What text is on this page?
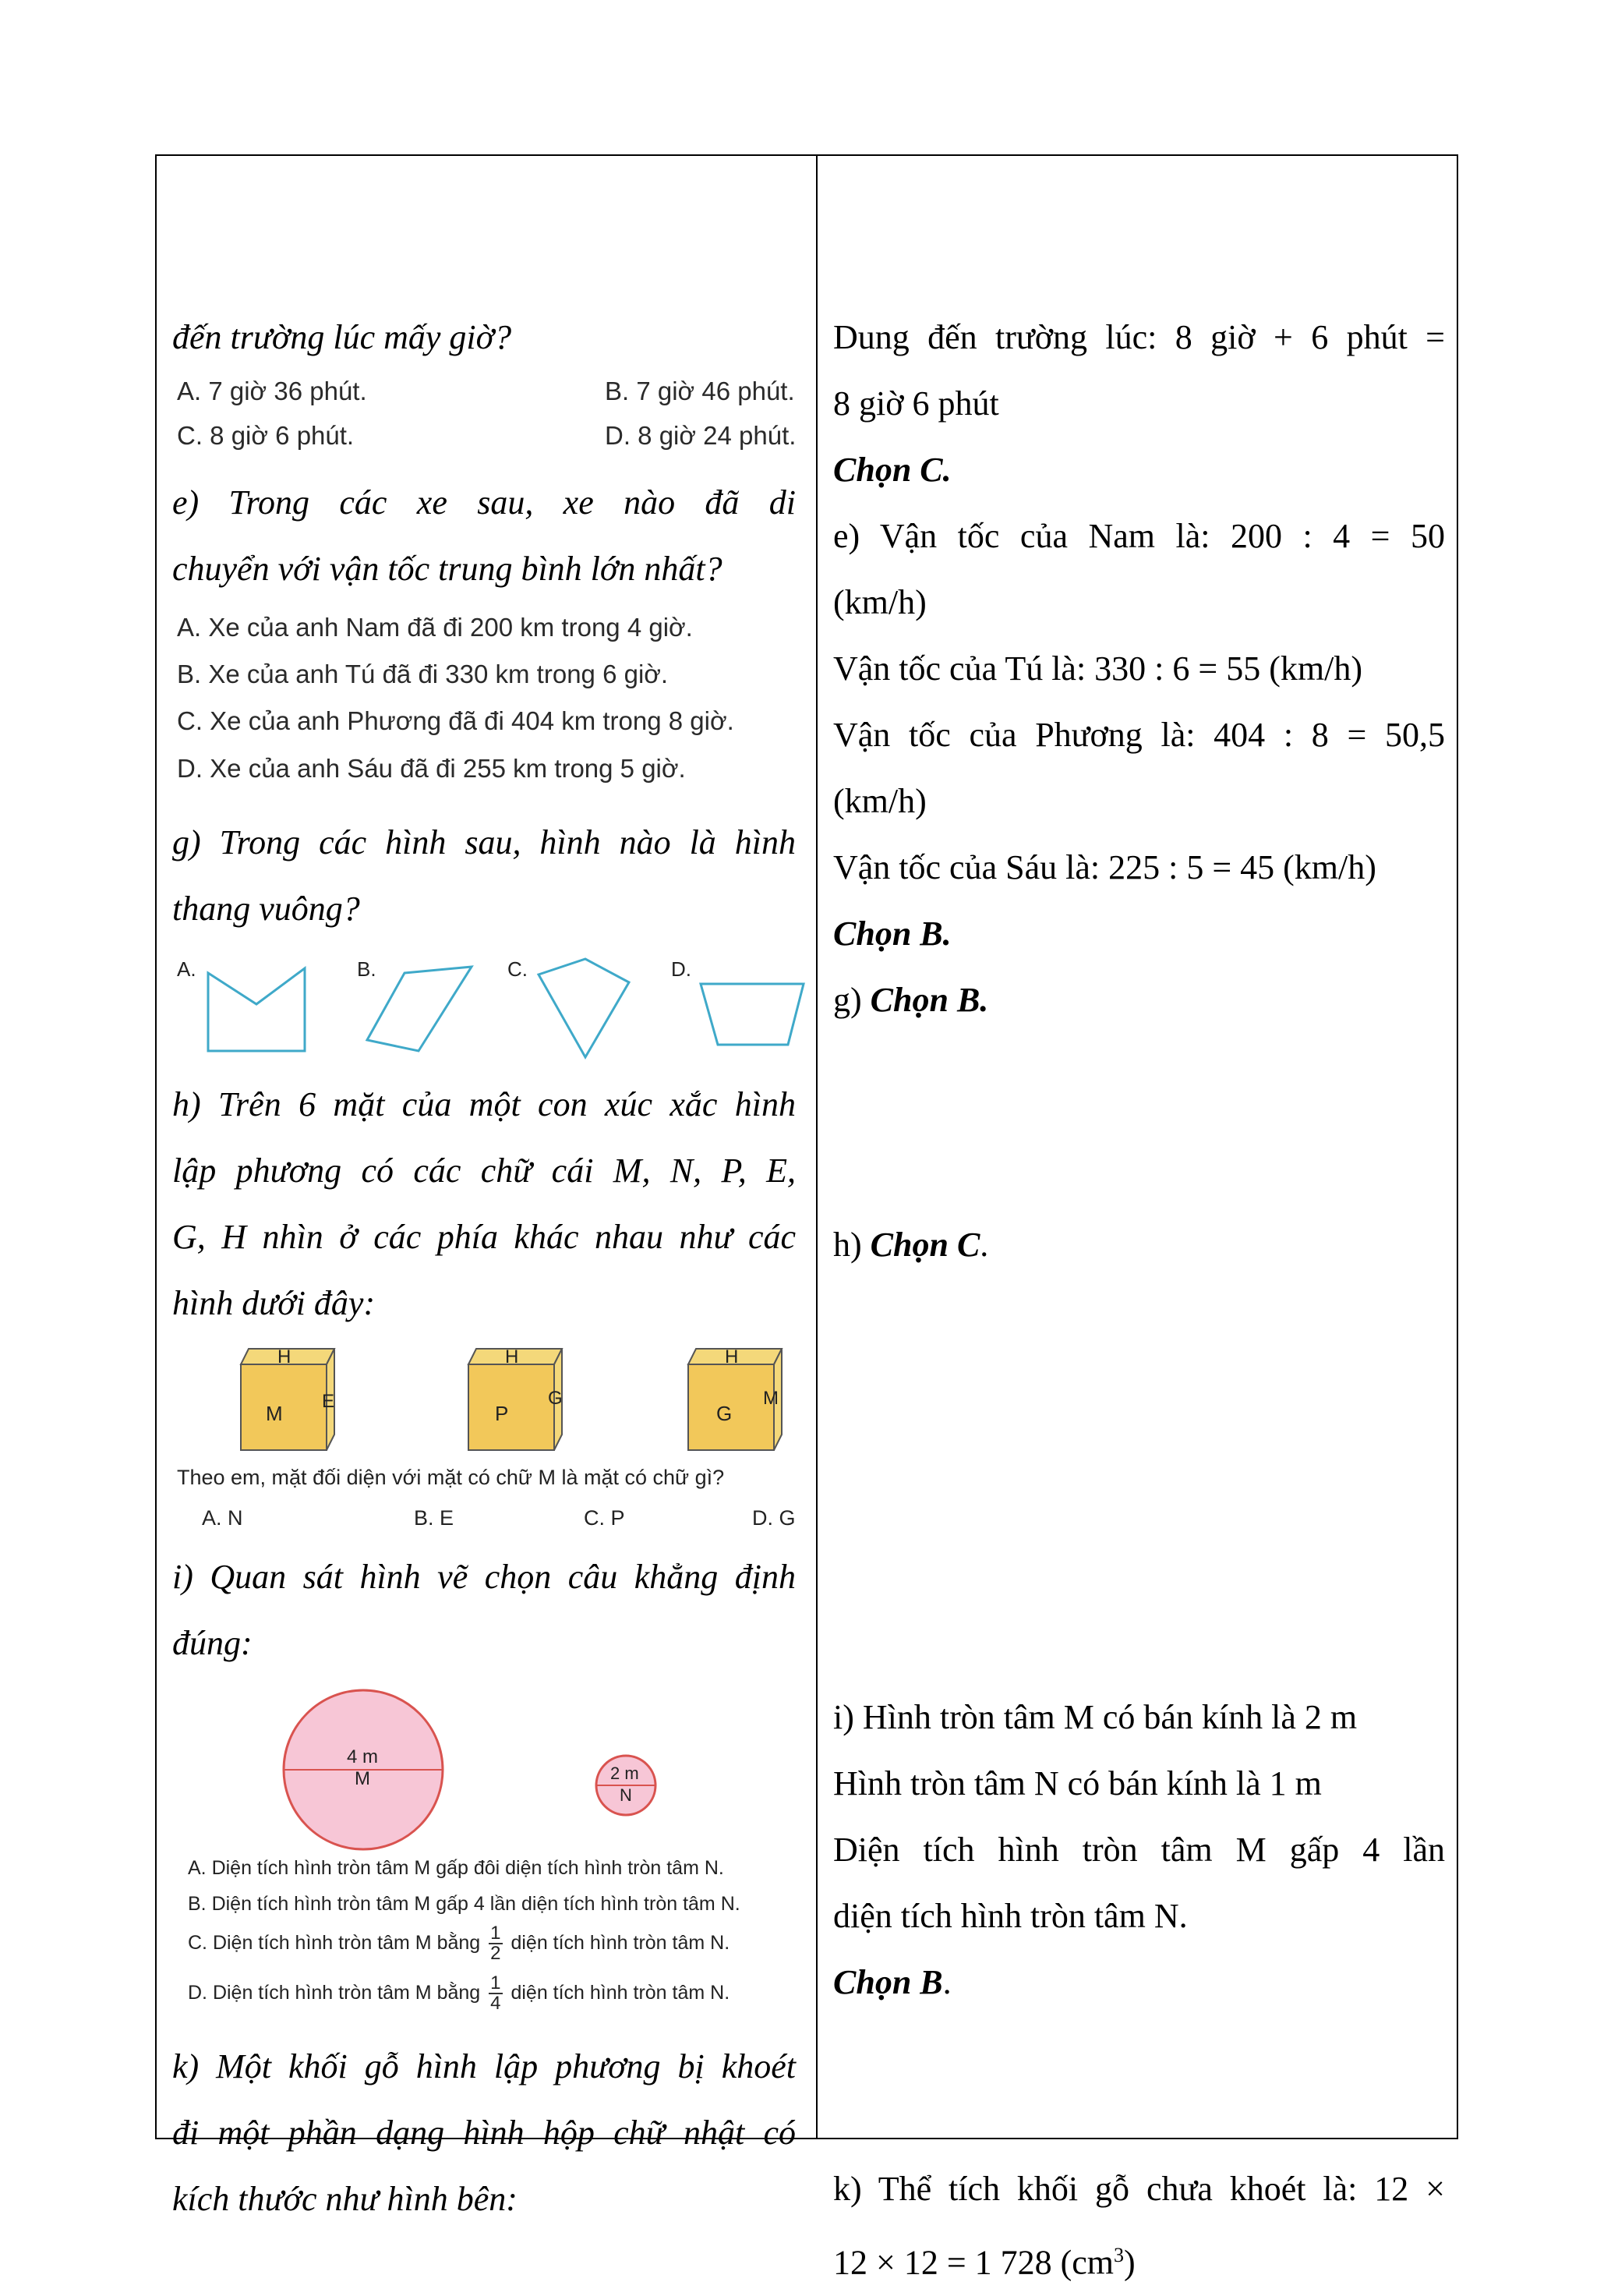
đến trường lúc mấy giờ?
A. 7 giờ 36 phút.	B. 7 giờ 46 phút.
C. 8 giờ 6 phút.	D. 8 giờ 24 phút.
e) Trong các xe sau, xe nào đã di
chuyển với vận tốc trung bình lớn nhất?
A. Xe của anh Nam đã đi 200 km trong 4 giờ.
B. Xe của anh Tú đã đi 330 km trong 6 giờ.
C. Xe của anh Phương đã đi 404 km trong 8 giờ.
D. Xe của anh Sáu đã đi 255 km trong 5 giờ.
g) Trong các hình sau, hình nào là hình
thang vuông?
A.	B.	C.	D.
h) Trên 6 mặt của một con xúc xắc hình
lập phương có các chữ cái M, N, P, E,
G, H nhìn ở các phía khác nhau như các
hình dưới đây:
H
M
E
H
P
G
H
G
M
Theo em, mặt đối diện với mặt có chữ M là mặt có chữ gì?
A. N	B. E	C. P	D. G
i) Quan sát hình vẽ chọn câu khẳng định
đúng:
4 m
M	2 m
N
A. Diện tích hình tròn tâm M gấp đôi diện tích hình tròn tâm N.
B. Diện tích hình tròn tâm M gấp 4 lần diện tích hình tròn tâm N.
C. Diện tích hình tròn tâm M bằng $\frac{1}{2}$ diện tích hình tròn tâm N.
D. Diện tích hình tròn tâm M bằng $\frac{1}{4}$ diện tích hình tròn tâm N.
k) Một khối gỗ hình lập phương bị khoét
đi một phần dạng hình hộp chữ nhật có
kích thước như hình bên:

Dung đến trường lúc: 8 giờ + 6 phút =
8 giờ 6 phút
Chọn C.
e) Vận tốc của Nam là: 200 : 4 = 50
(km/h)
Vận tốc của Tú là: 330 : 6 = 55 (km/h)
Vận tốc của Phương là: 404 : 8 = 50,5
(km/h)
Vận tốc của Sáu là: 225 : 5 = 45 (km/h)
Chọn B.
g) Chọn B.
h) Chọn C.
i) Hình tròn tâm M có bán kính là 2 m
Hình tròn tâm N có bán kính là 1 m
Diện tích hình tròn tâm M gấp 4 lần
diện tích hình tròn tâm N.
Chọn B.
k) Thể tích khối gỗ chưa khoét là: 12 ×
12 × 12 = 1 728 $(cm^3)$
